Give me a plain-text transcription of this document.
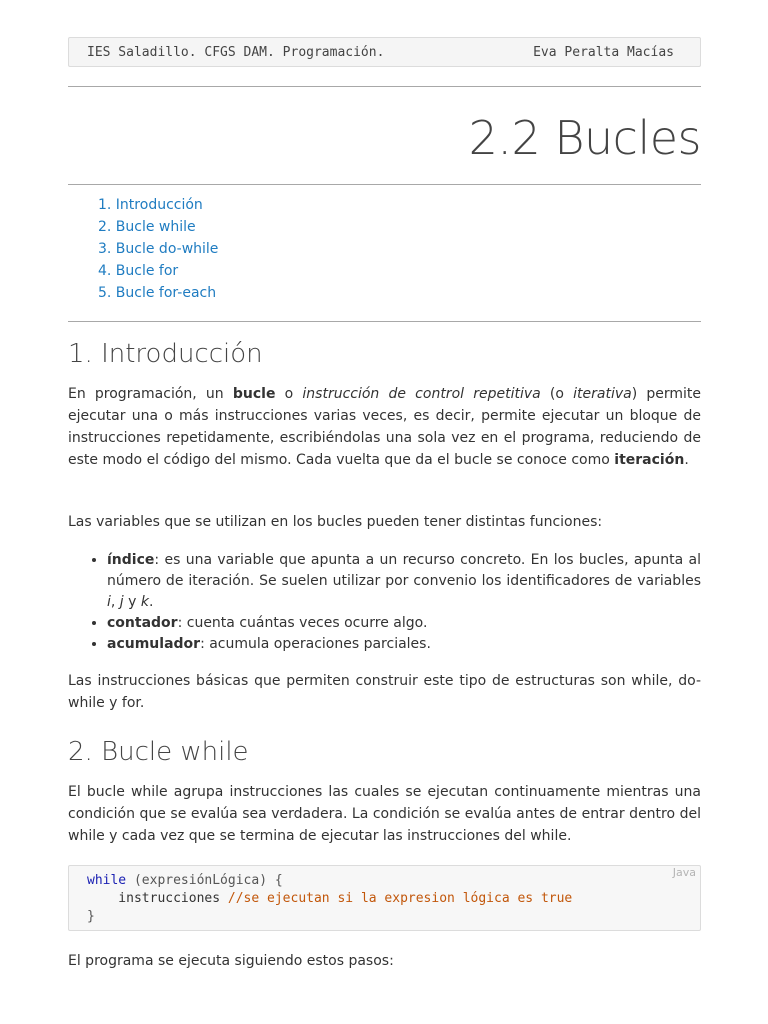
IES Saladillo. CFGS DAM. Programación.	Eva Peralta Macías
2.2 Bucles
1. Introducción
2. Bucle while
3. Bucle do-while
4. Bucle for
5. Bucle for-each
1. Introducción

En programación, un bucle o instrucción de control repetitiva (o iterativa) permite ejecutar una o más instrucciones varias veces, es decir, permite ejecutar un bloque de instrucciones repetidamente, escribiéndolas una sola vez en el programa, reduciendo de este modo el código del mismo. Cada vuelta que da el bucle se conoce como iteración.

Las variables que se utilizan en los bucles pueden tener distintas funciones:

• índice: es una variable que apunta a un recurso concreto. En los bucles, apunta al número de iteración. Se suelen utilizar por convenio los identificadores de variables i, j y k.
• contador: cuenta cuántas veces ocurre algo.
• acumulador: acumula operaciones parciales.

Las instrucciones básicas que permiten construir este tipo de estructuras son while, do-while y for.

2. Bucle while

El bucle while agrupa instrucciones las cuales se ejecutan continuamente mientras una condición que se evalúa sea verdadera. La condición se evalúa antes de entrar dentro del while y cada vez que se termina de ejecutar las instrucciones del while.

Java
while (expresiónLógica) {
instrucciones //se ejecutan si la expresion lógica es true
}

El programa se ejecuta siguiendo estos pasos:
